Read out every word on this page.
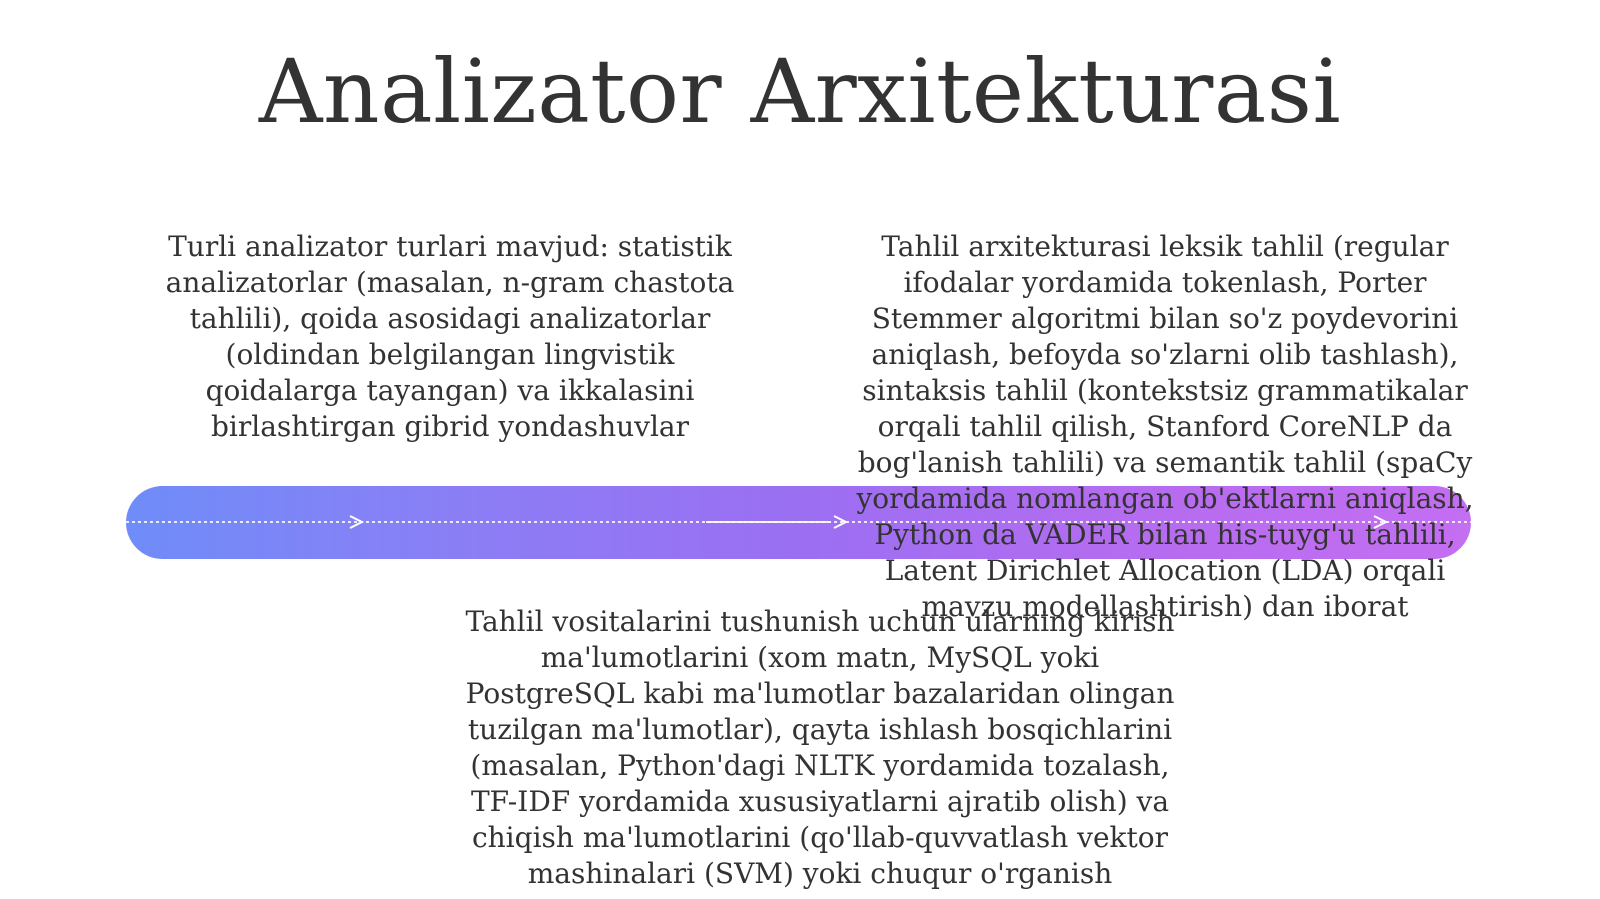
Analizator Arxitekturasi

Turli analizator turlari mavjud: statistik analizatorlar (masalan, n-gram chastota tahlili), qoida asosidagi analizatorlar (oldindan belgilangan lingvistik qoidalarga tayangan) va ikkalasini birlashtirgan gibrid yondashuvlar

Tahlil arxitekturasi leksik tahlil (regular ifodalar yordamida tokenlash, Porter Stemmer algoritmi bilan so'z poydevorini aniqlash, befoyda so'zlarni olib tashlash), sintaksis tahlil (kontekstsiz grammatikalar orqali tahlil qilish, Stanford CoreNLP da bog'lanish tahlili) va semantik tahlil (spaCy yordamida nomlangan ob'ektlarni aniqlash, Python da VADER bilan his-tuyg'u tahlili, Latent Dirichlet Allocation (LDA) orqali mavzu modellashtirish) dan iborat

Tahlil vositalarini tushunish uchun ularning kirish ma'lumotlarini (xom matn, MySQL yoki PostgreSQL kabi ma'lumotlar bazalaridan olingan tuzilgan ma'lumotlar), qayta ishlash bosqichlarini (masalan, Python'dagi NLTK yordamida tozalash, TF-IDF yordamida xususiyatlarni ajratib olish) va chiqish ma'lumotlarini (qo'llab-quvvatlash vektor mashinalari (SVM) yoki chuqur o'rganish
